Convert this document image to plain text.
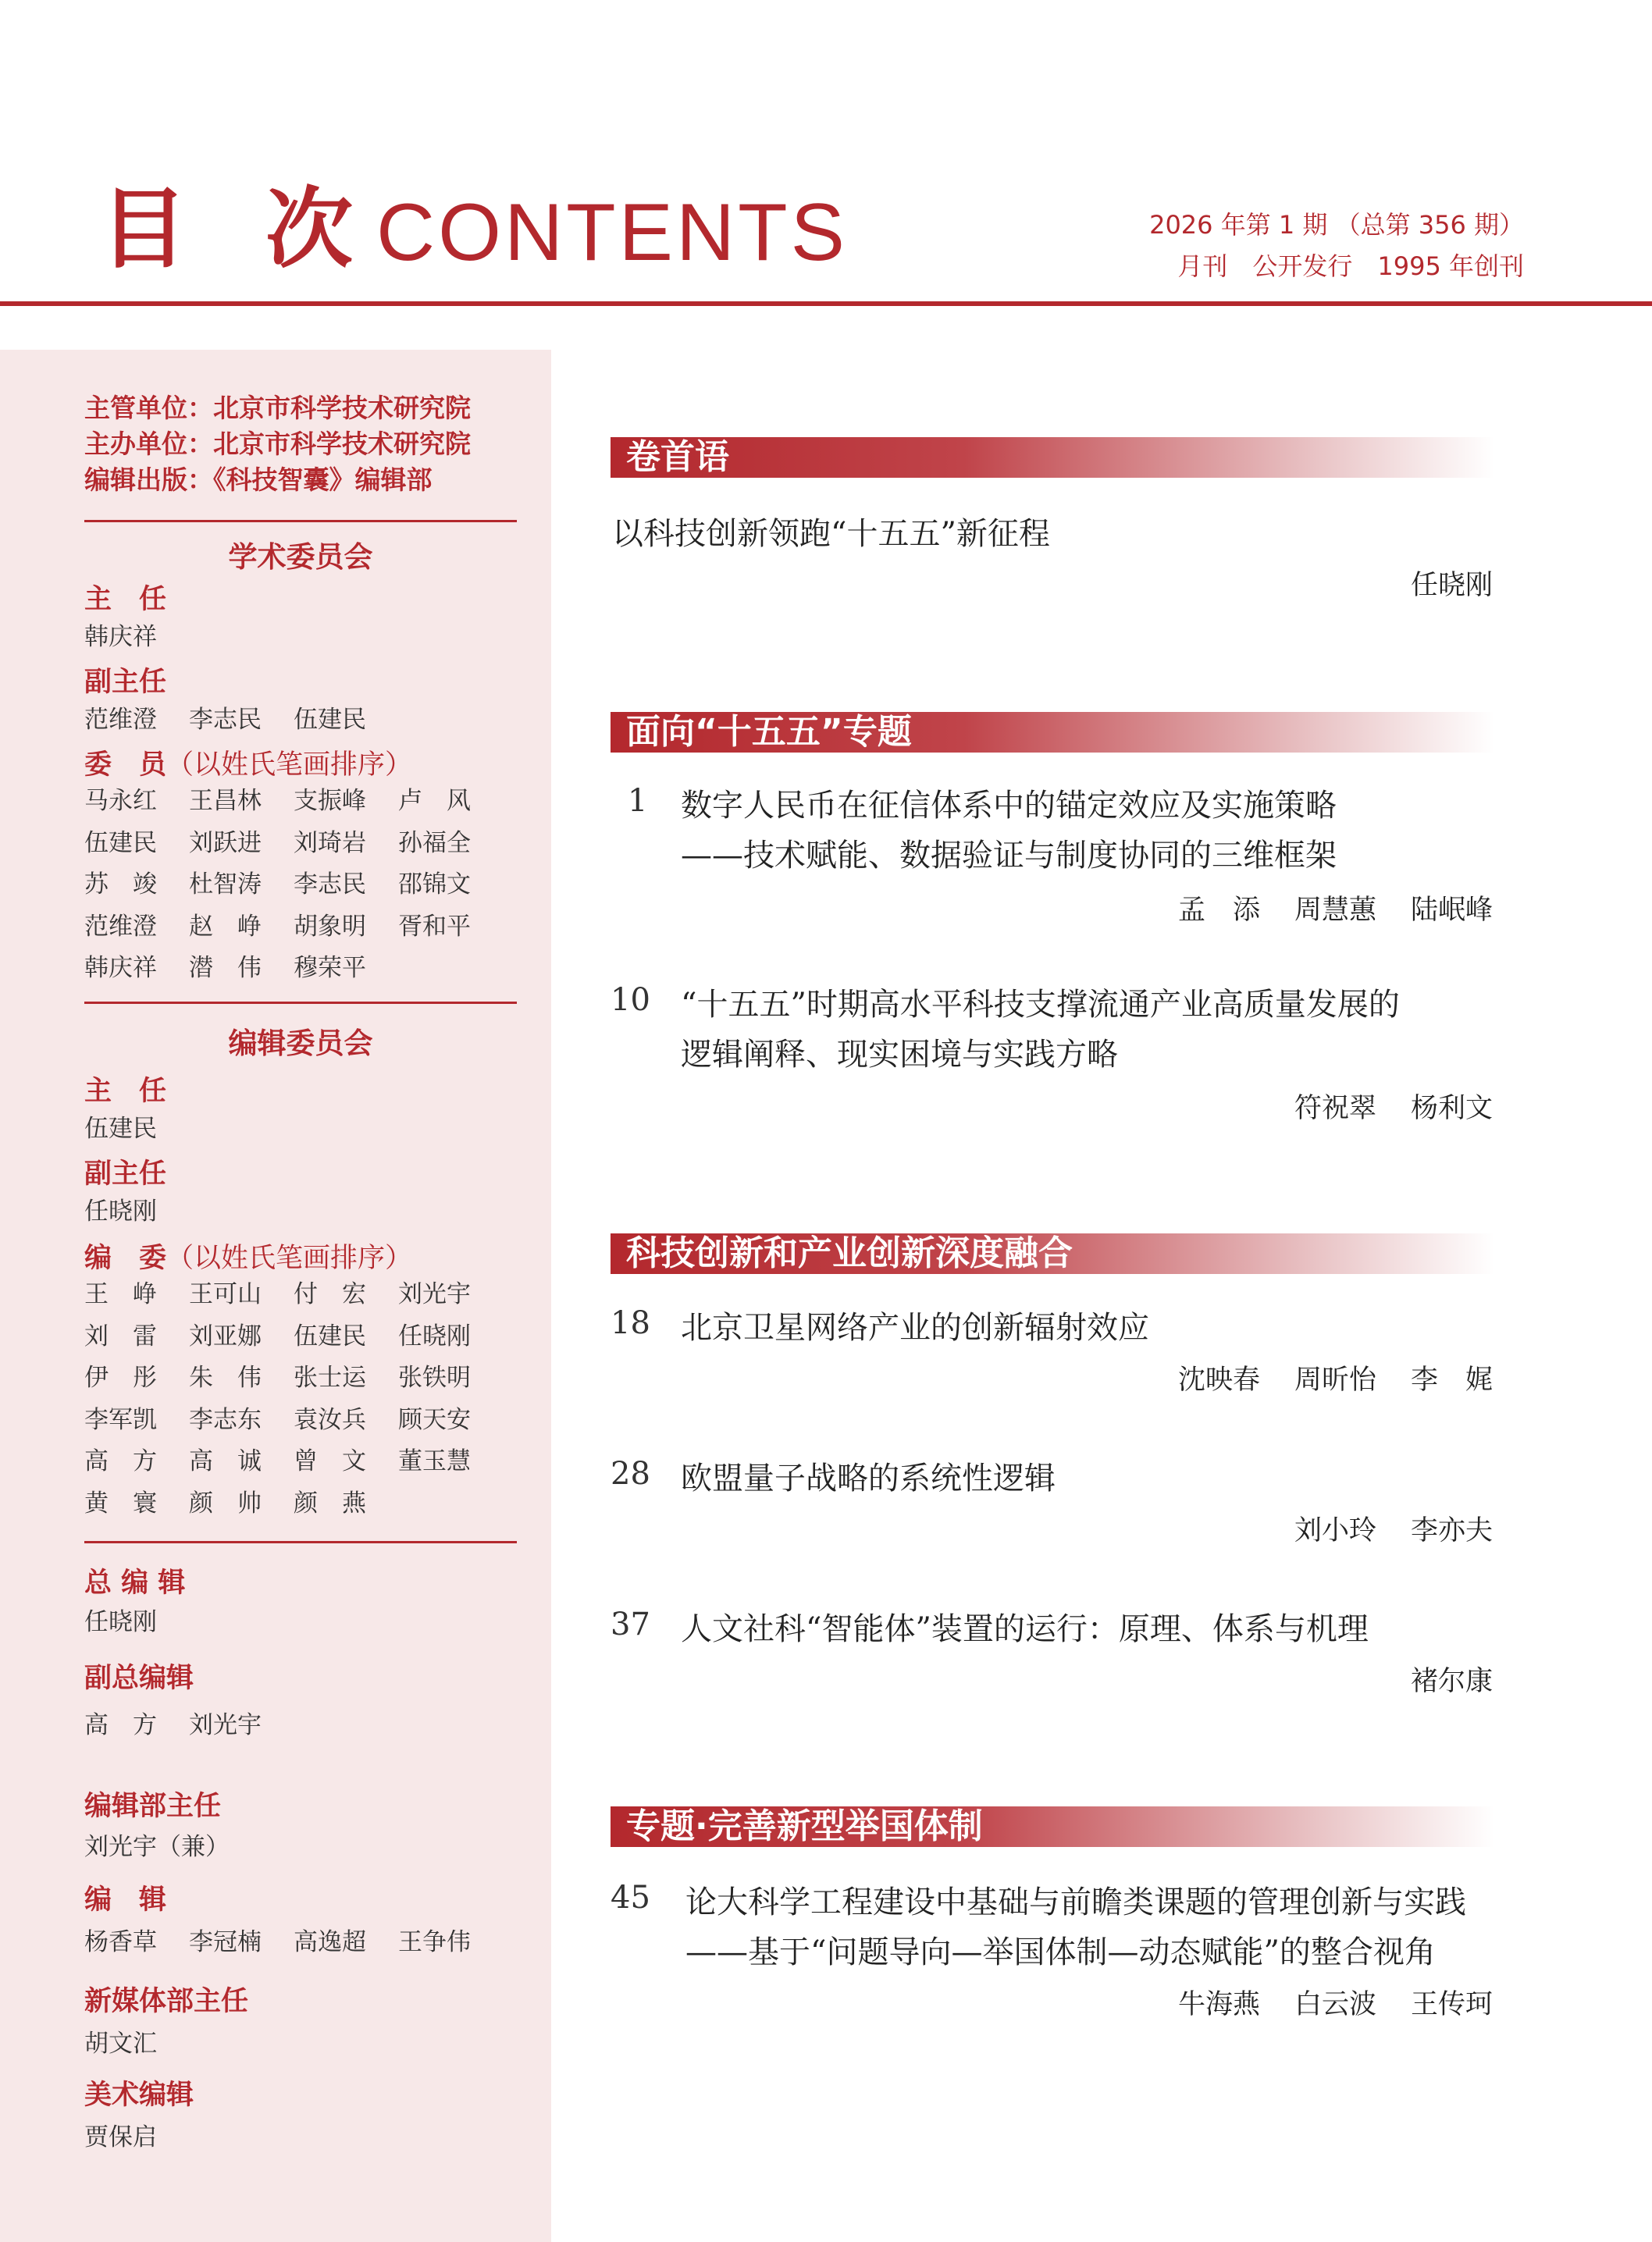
目 次 CONTENTS	2026 年第 1 期 （总第 356 期）
月刊　公开发行　1995 年创刊
主管单位：北京市科学技术研究院
主办单位：北京市科学技术研究院
编辑出版：《科技智囊》编辑部
学术委员会
主　任
韩庆祥
副主任
范维澄 李志民 伍建民
委　员（以姓氏笔画排序）
马永红 王昌林 支振峰 卢　风
伍建民 刘跃进 刘琦岩 孙福全
苏　竣 杜智涛 李志民 邵锦文
范维澄 赵　峥 胡象明 胥和平
韩庆祥 潜　伟 穆荣平
编辑委员会
主　任
伍建民
副主任
任晓刚
编　委（以姓氏笔画排序）
王　峥 王可山 付　宏 刘光宇
刘　雷 刘亚娜 伍建民 任晓刚
伊　彤 朱　伟 张士运 张铁明
李军凯 李志东 袁汝兵 顾天安
高　方 高　诚 曾　文 董玉慧
黄　寰 颜　帅 颜　燕
总 编 辑
任晓刚
副总编辑
高　方 刘光宇
编辑部主任
刘光宇（兼）
编　辑
杨香草 李冠楠 高逸超 王争伟
新媒体部主任
胡文汇
美术编辑
贾保启
卷首语
以科技创新领跑“十五五”新征程
任晓刚
面向“十五五”专题
1 数字人民币在征信体系中的锚定效应及实施策略
——技术赋能、数据验证与制度协同的三维框架
孟　添 周慧蕙 陆岷峰
10 “十五五”时期高水平科技支撑流通产业高质量发展的
逻辑阐释、现实困境与实践方略
符祝翠 杨利文
科技创新和产业创新深度融合
18 北京卫星网络产业的创新辐射效应
沈映春 周昕怡 李　娓
28 欧盟量子战略的系统性逻辑
刘小玲 李亦夫
37 人文社科“智能体”装置的运行：原理、体系与机理
褚尔康
专题·完善新型举国体制
45 论大科学工程建设中基础与前瞻类课题的管理创新与实践
——基于“问题导向—举国体制—动态赋能”的整合视角
牛海燕 白云波 王传珂
